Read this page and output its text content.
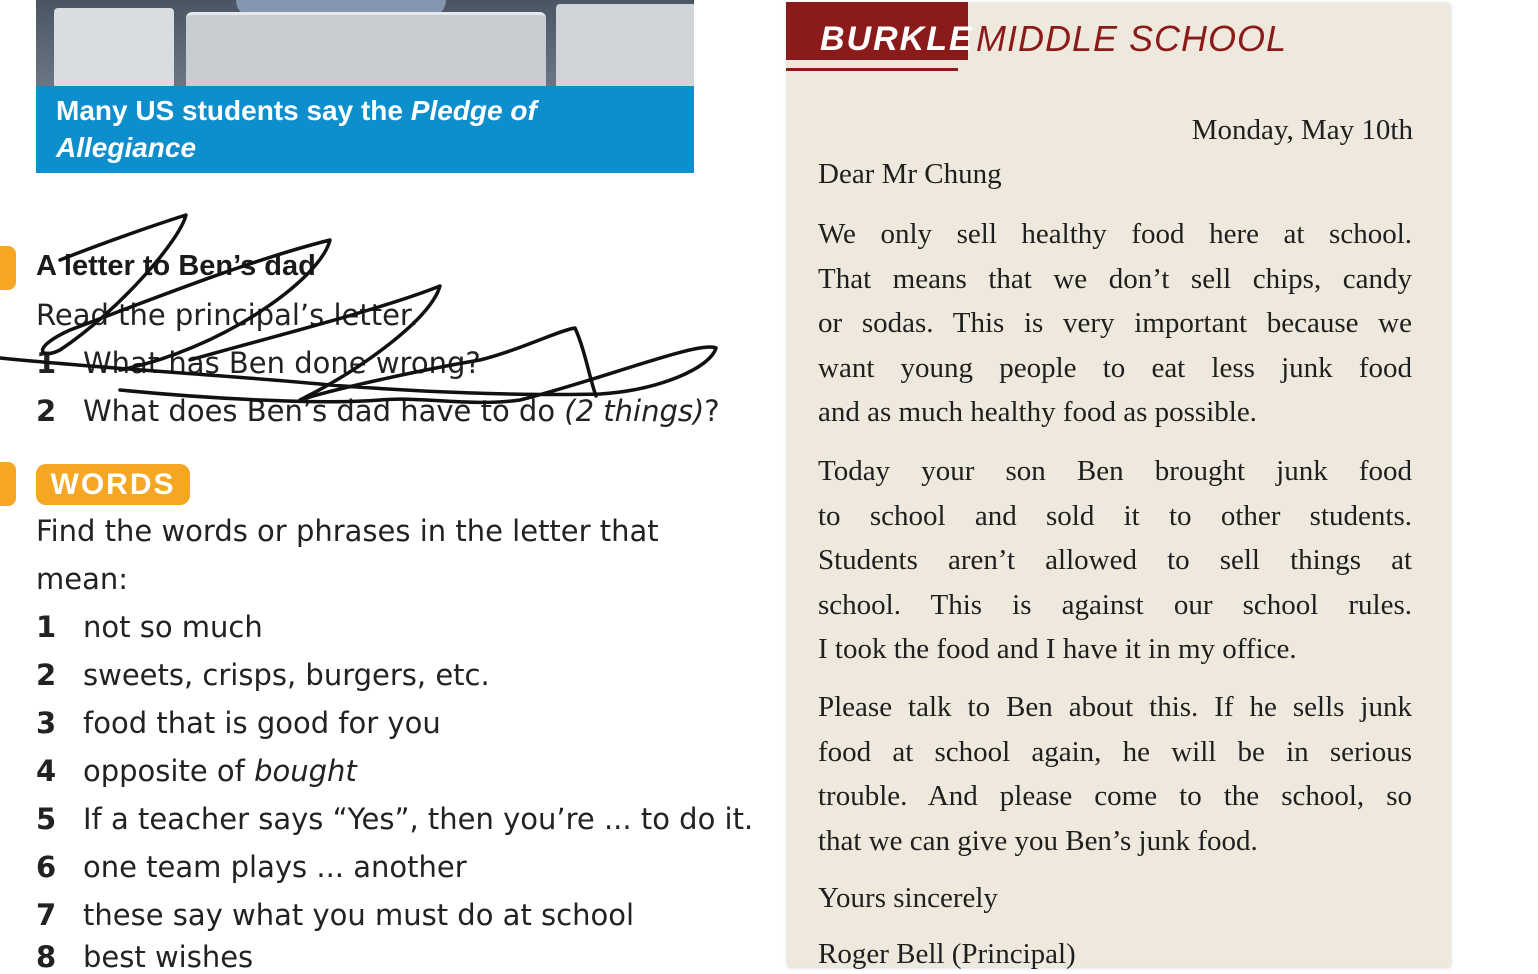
Many US students say the Pledge of Allegiance
every morning.
A letter to Ben’s dad
Read the principal’s letter.
1 What has Ben done wrong?
2 What does Ben’s dad have to do (2 things)?
WORDS
Find the words or phrases in the letter that
mean:
1 not so much
2 sweets, crisps, burgers, etc.
3 food that is good for you
4 opposite of bought
5 If a teacher says “Yes”, then you’re ... to do it.
6 one team plays ... another
7 these say what you must do at school
8 best wishes
BURKLE MIDDLE SCHOOL
Monday, May 10th
Dear Mr Chung
We only sell healthy food here at school.
That means that we don’t sell chips, candy
or sodas. This is very important because we
want young people to eat less junk food
and as much healthy food as possible.
Today your son Ben brought junk food
to school and sold it to other students.
Students aren’t allowed to sell things at
school. This is against our school rules.
I took the food and I have it in my office.
Please talk to Ben about this. If he sells junk
food at school again, he will be in serious
trouble. And please come to the school, so
that we can give you Ben’s junk food.
Yours sincerely
Roger Bell (Principal)
